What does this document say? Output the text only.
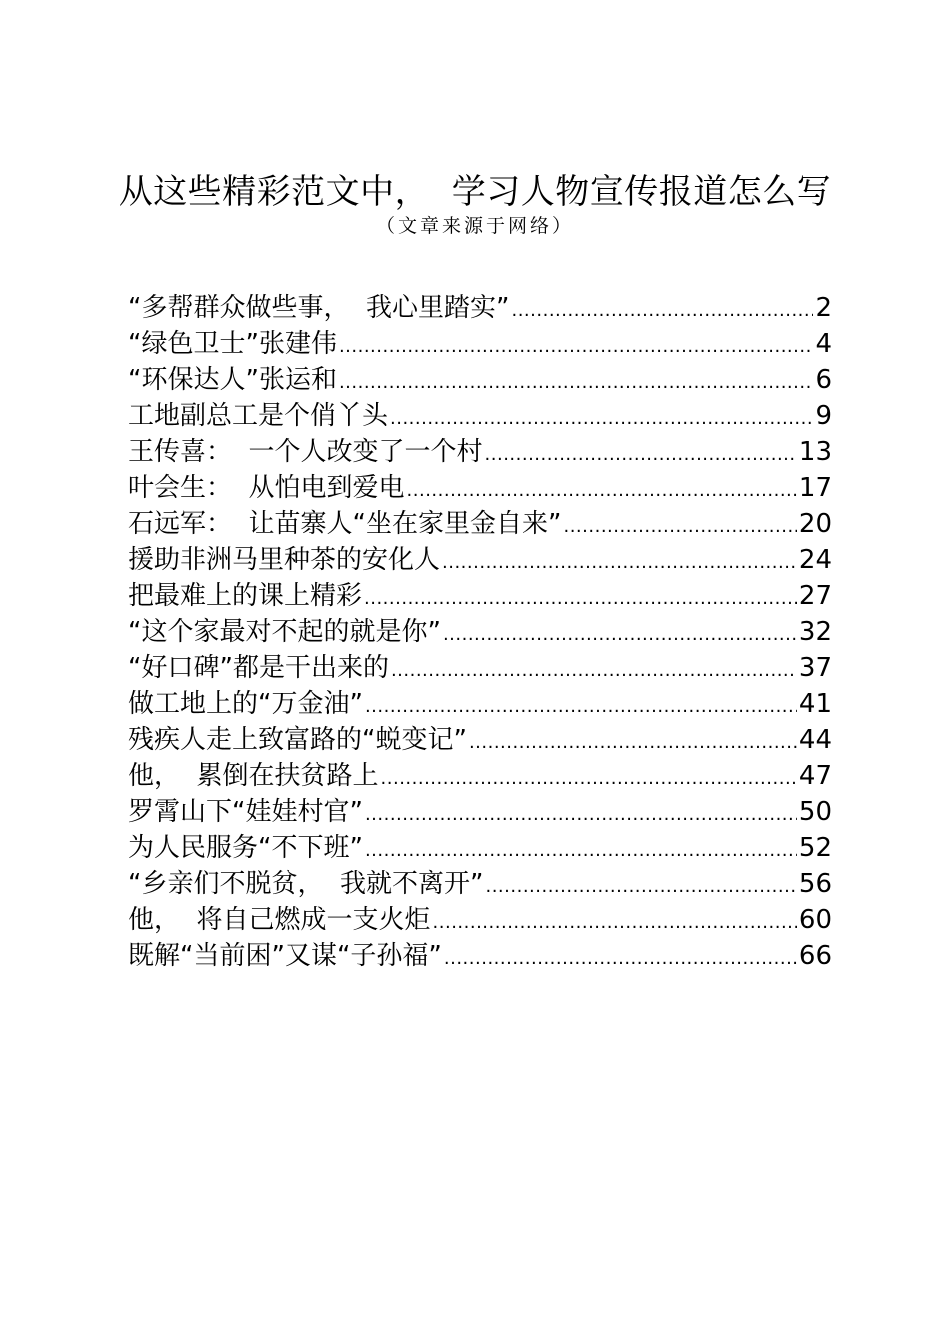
从这些精彩范文中，  学习人物宣传报道怎么写
（文章来源于网络）
“多帮群众做些事，  我心里踏实” .....	2
“绿色卫士”张建伟 .....	4
“环保达人”张运和 .....	6
工地副总工是个俏丫头 .....	9
王传喜：  一个人改变了一个村 .....	13
叶会生：  从怕电到爱电 .....	17
石远军：  让苗寨人“坐在家里金自来” .....	20
援助非洲马里种茶的安化人 .....	24
把最难上的课上精彩 .....	27
“这个家最对不起的就是你” .....	32
“好口碑”都是干出来的 .....	37
做工地上的“万金油” .....	41
残疾人走上致富路的“蜕变记” .....	44
他，  累倒在扶贫路上 .....	47
罗霄山下“娃娃村官” .....	50
为人民服务“不下班” .....	52
“乡亲们不脱贫，  我就不离开” .....	56
他，  将自己燃成一支火炬 .....	60
既解“当前困”又谋“子孙福” .....	66
